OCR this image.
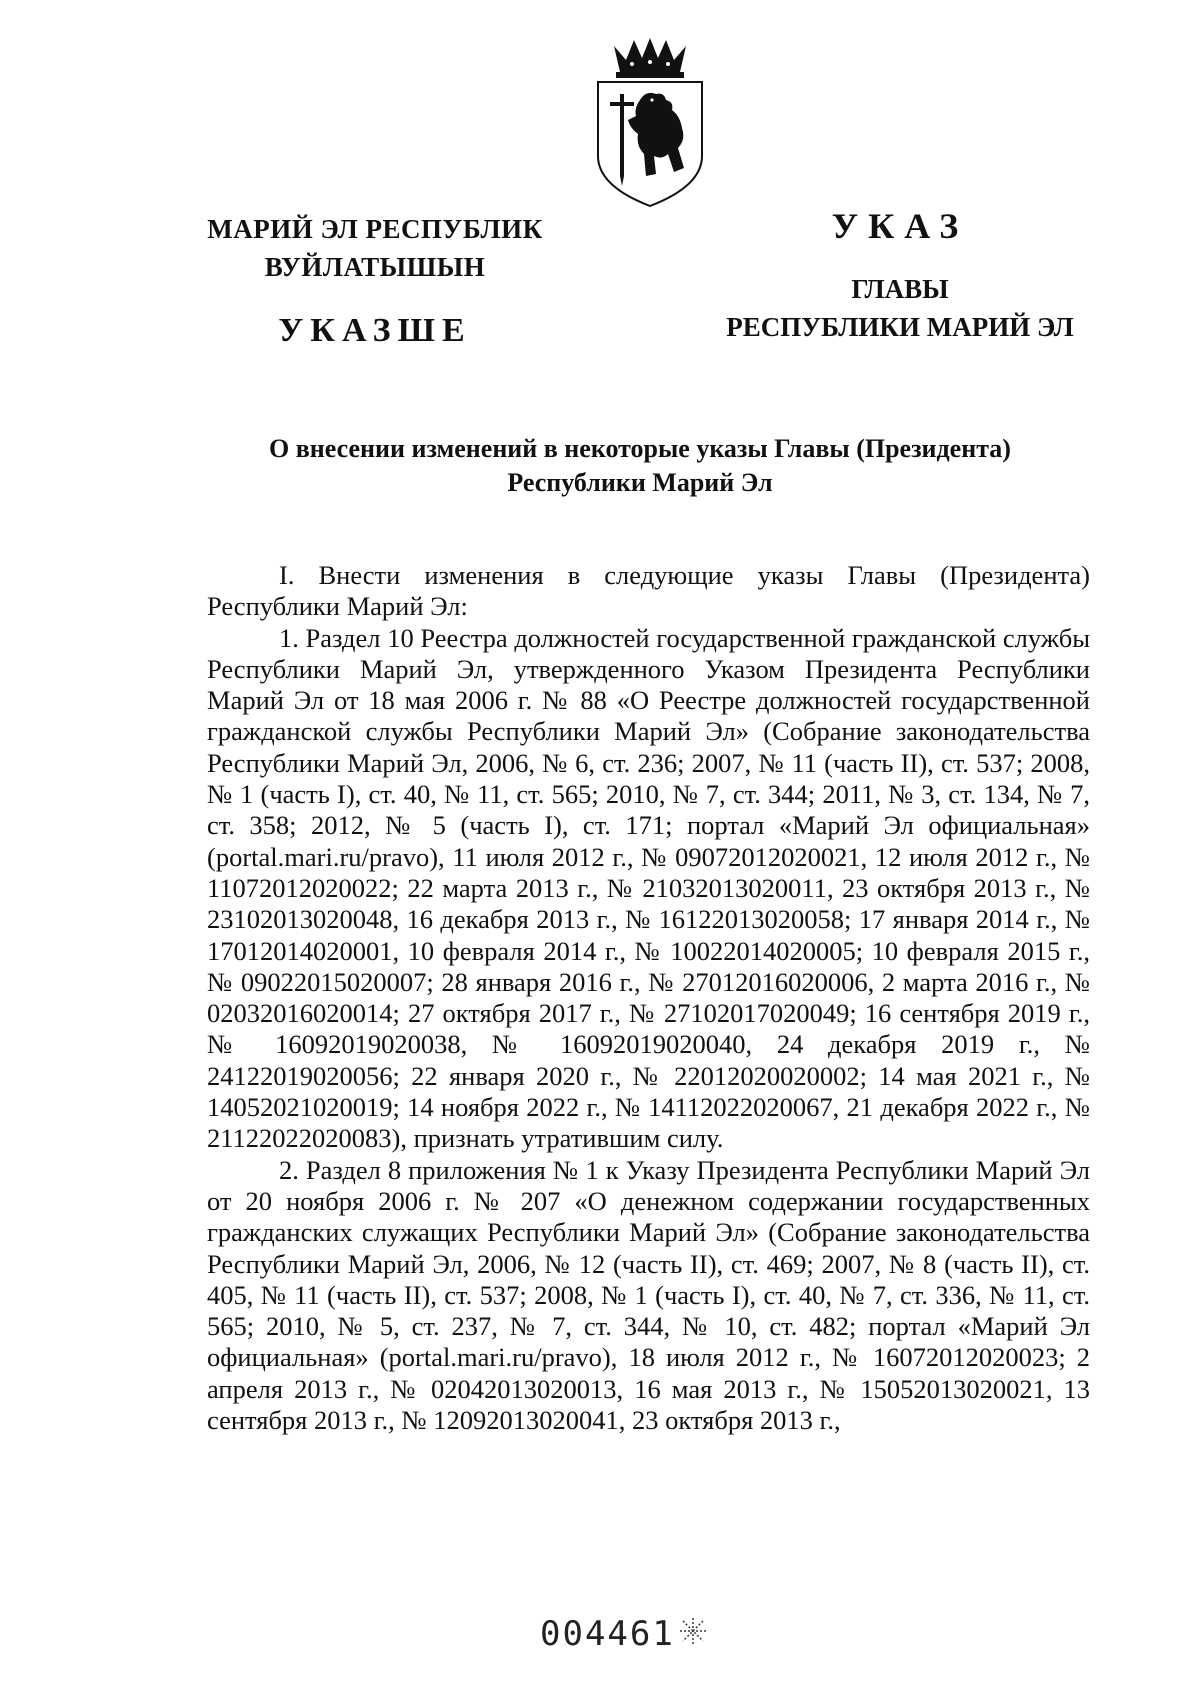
МАРИЙ ЭЛ РЕСПУБЛИК
ВУЙЛАТЫШЫН
УКАЗШЕ
УКАЗ
ГЛАВЫ
РЕСПУБЛИКИ МАРИЙ ЭЛ
О внесении изменений в некоторые указы Главы (Президента)
Республики Марий Эл

I. Внести изменения в следующие указы Главы (Президента) Республики Марий Эл:

1. Раздел 10 Реестра должностей государственной гражданской службы Республики Марий Эл, утвержденного Указом Президента Республики Марий Эл от 18 мая 2006 г. № 88 «О Реестре должностей государственной гражданской службы Республики Марий Эл» (Собрание законодательства Республики Марий Эл, 2006, № 6, ст. 236; 2007, № 11 (часть II), ст. 537; 2008, № 1 (часть I), ст. 40, № 11, ст. 565; 2010, № 7, ст. 344; 2011, № 3, ст. 134, № 7, ст. 358; 2012, № 5 (часть I), ст. 171; портал «Марий Эл официальная» (portal.mari.ru/pravo), 11 июля 2012 г., № 09072012020021, 12 июля 2012 г., № 11072012020022; 22 марта 2013 г., № 21032013020011, 23 октября 2013 г., № 23102013020048, 16 декабря 2013 г., № 16122013020058; 17 января 2014 г., № 17012014020001, 10 февраля 2014 г., № 10022014020005; 10 февраля 2015 г., № 09022015020007; 28 января 2016 г., № 27012016020006, 2 марта 2016 г., № 02032016020014; 27 октября 2017 г., № 27102017020049; 16 сентября 2019 г., № 16092019020038, № 16092019020040, 24 декабря 2019 г., № 24122019020056; 22 января 2020 г., № 22012020020002; 14 мая 2021 г., № 14052021020019; 14 ноября 2022 г., № 14112022020067, 21 декабря 2022 г., № 21122022020083), признать утратившим силу.

2. Раздел 8 приложения № 1 к Указу Президента Республики Марий Эл от 20 ноября 2006 г. № 207 «О денежном содержании государственных гражданских служащих Республики Марий Эл» (Собрание законодательства Республики Марий Эл, 2006, № 12 (часть II), ст. 469; 2007, № 8 (часть II), ст. 405, № 11 (часть II), ст. 537; 2008, № 1 (часть I), ст. 40, № 7, ст. 336, № 11, ст. 565; 2010, № 5, ст. 237, № 7, ст. 344, № 10, ст. 482; портал «Марий Эл официальная» (portal.mari.ru/pravo), 18 июля 2012 г., № 16072012020023; 2 апреля 2013 г., № 02042013020013, 16 мая 2013 г., № 15052013020021, 13 сентября 2013 г., № 12092013020041, 23 октября 2013 г.,

004461
